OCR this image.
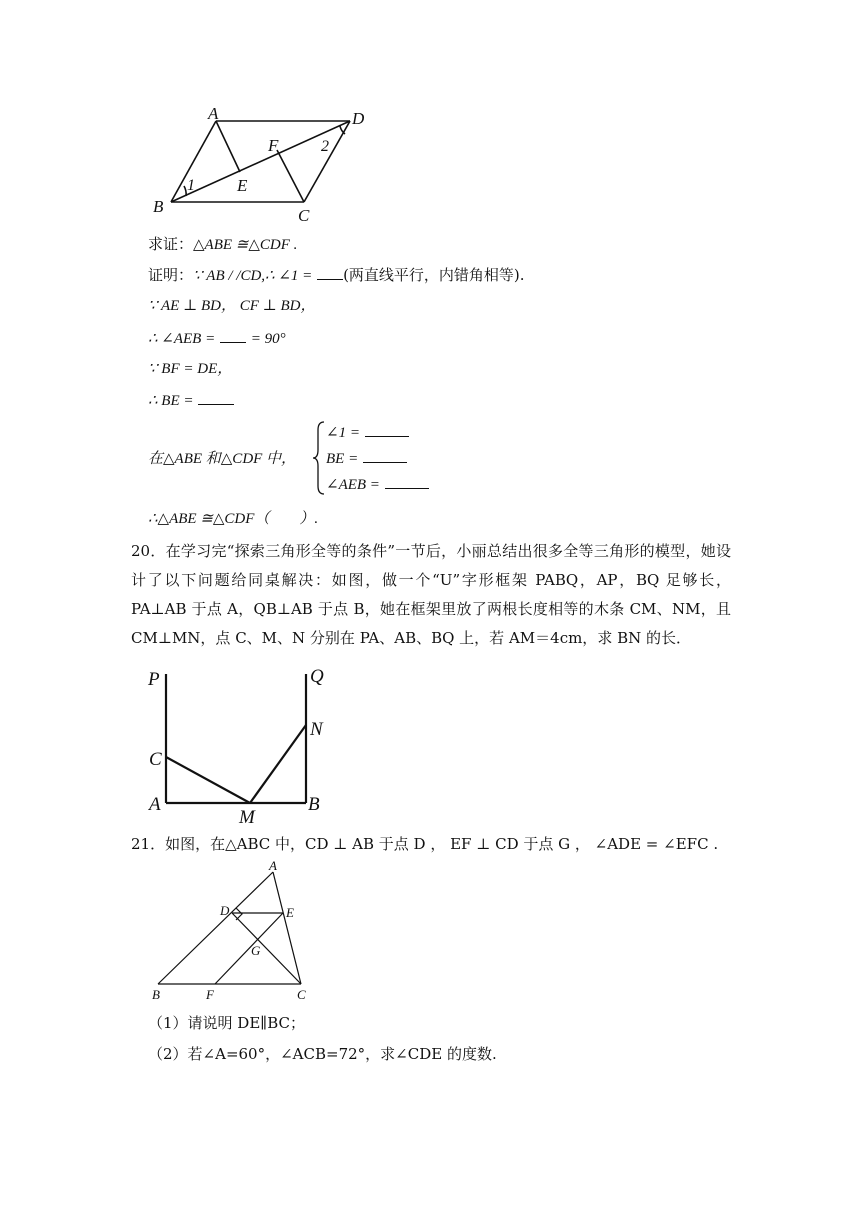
A	D
B	C
E
F
1
2
求证：△ABE ≅△CDF .
证明：∵ AB / /CD,∴ ∠1 = (两直线平行，内错角相等).
∵ AE ⊥ BD， CF ⊥ BD，
∴ ∠AEB = = 90°
∵ BF = DE，
∴ BE =
在△ABE 和△CDF 中，
∠1 =
BE =
∠AEB =
∴△ABE ≅△CDF（　　）.
20．在学习完“探索三角形全等的条件”一节后，小丽总结出很多全等三角形的模型，她设计了以下问题给同桌解决：如图，做一个“U”字形框架 PABQ，AP，BQ 足够长，PA⊥AB 于点 A，QB⊥AB 于点 B，她在框架里放了两根长度相等的木条 CM、NM，且 CM⊥MN，点 C、M、N 分别在 PA、AB、BQ 上，若 AM＝4cm，求 BN 的长．
P	Q
C
N
A
M
B
21．如图，在△ABC 中，CD ⊥ AB 于点 D ， EF ⊥ CD 于点 G ， ∠ADE = ∠EFC .
A
D	E
G
B	F	C
（1）请说明 DE∥BC；
（2）若∠A=60°，∠ACB=72°，求∠CDE 的度数.
